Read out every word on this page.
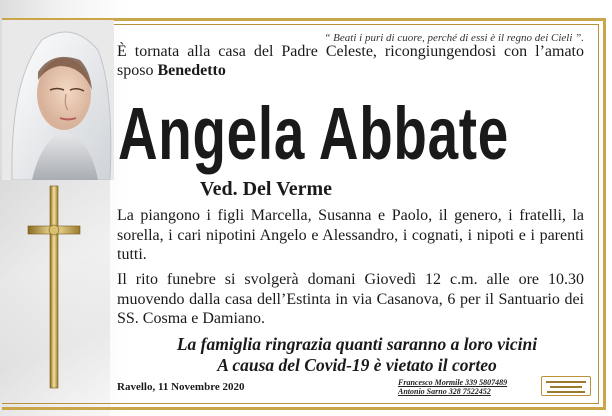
“ Beati i puri di cuore, perché di essi è il regno dei Cieli ”.
È tornata alla casa del Padre Celeste, ricongiungendosi con l’amato sposo Benedetto
Angela Abbate
Ved. Del Verme
La piangono i figli Marcella, Susanna e Paolo, il genero, i fratelli, la sorella, i cari nipotini Angelo e Alessandro, i cognati, i nipoti e i parenti tutti.
Il rito funebre si svolgerà domani Giovedì 12 c.m. alle ore 10.30 muovendo dalla casa dell’Estinta in via Casanova, 6 per il Santuario dei SS. Cosma e Damiano.
La famiglia ringrazia quanti saranno a loro vicini
A causa del Covid-19 è vietato il corteo
Ravello, 11 Novembre 2020	Francesco Mormile 339 5807489
Antonio Sarno 328 7522452
